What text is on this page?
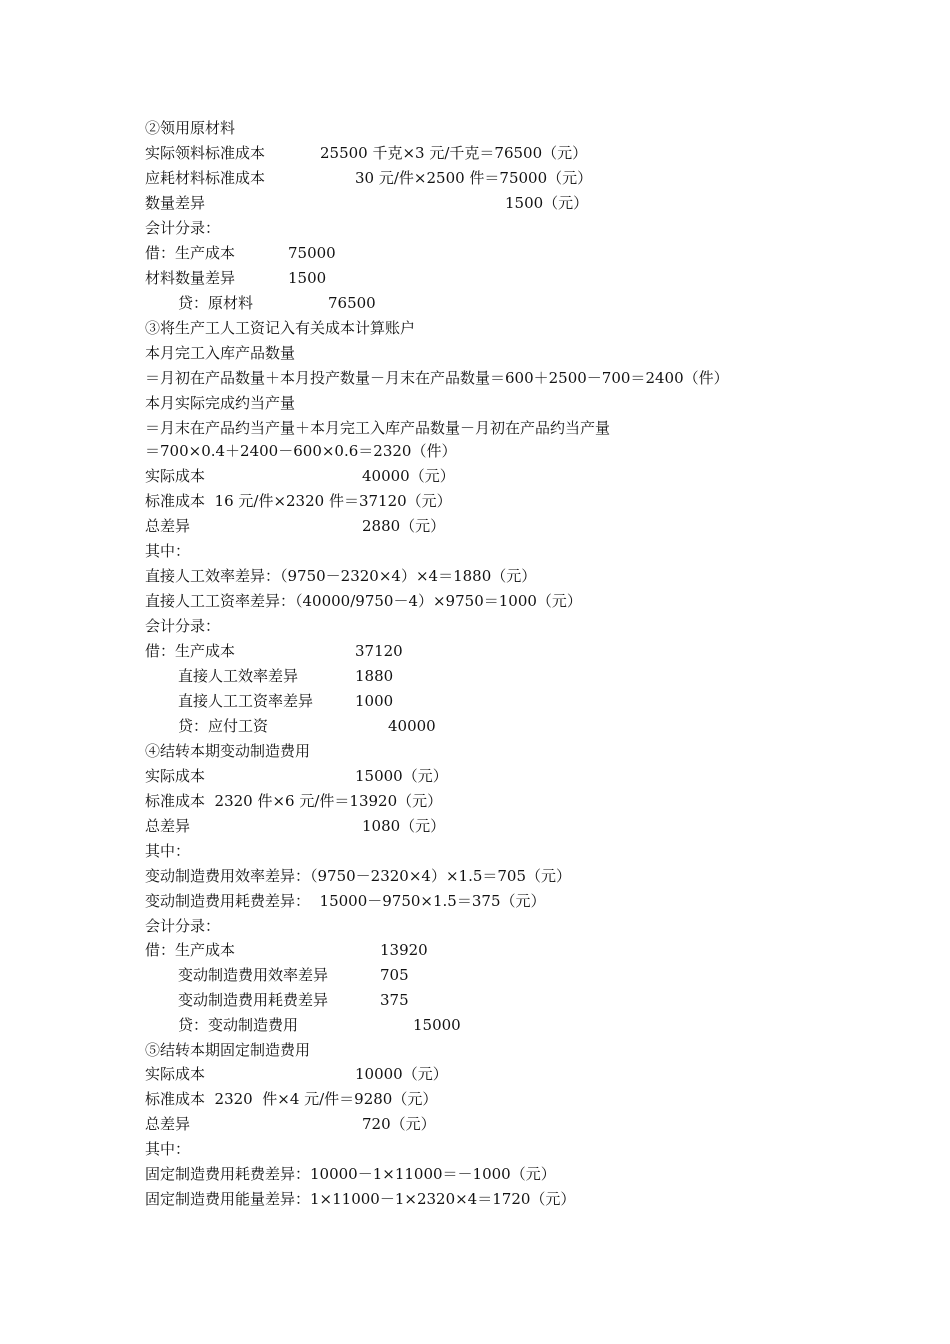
②领用原材料
实际领料标准成本	25500 千克×3 元/千克＝76500（元）
应耗材料标准成本	30 元/件×2500 件＝75000（元）
数量差异	1500（元）
会计分录：
借：生产成本	75000
材料数量差异	1500
贷：原材料	76500
③将生产工人工资记入有关成本计算账户
本月完工入库产品数量
＝月初在产品数量＋本月投产数量－月末在产品数量＝600＋2500－700＝2400（件）
本月实际完成约当产量
＝月末在产品约当产量＋本月完工入库产品数量－月初在产品约当产量
＝700×0.4＋2400－600×0.6＝2320（件）
实际成本	40000（元）
标准成本  16 元/件×2320 件＝37120（元）
总差异	2880（元）
其中：
直接人工效率差异：（9750－2320×4）×4＝1880（元）
直接人工工资率差异：（40000/9750－4）×9750＝1000（元）
会计分录：
借：生产成本	37120
直接人工效率差异	1880
直接人工工资率差异	1000
贷：应付工资	40000
④结转本期变动制造费用
实际成本	15000（元）
标准成本  2320 件×6 元/件＝13920（元）
总差异	1080（元）
其中：
变动制造费用效率差异：（9750－2320×4）×1.5＝705（元）
变动制造费用耗费差异：  15000－9750×1.5＝375（元）
会计分录：
借：生产成本	13920
变动制造费用效率差异	705
变动制造费用耗费差异	375
贷：变动制造费用	15000
⑤结转本期固定制造费用
实际成本	10000（元）
标准成本  2320  件×4 元/件＝9280（元）
总差异	720（元）
其中：
固定制造费用耗费差异：10000－1×11000＝－1000（元）
固定制造费用能量差异：1×11000－1×2320×4＝1720（元）
